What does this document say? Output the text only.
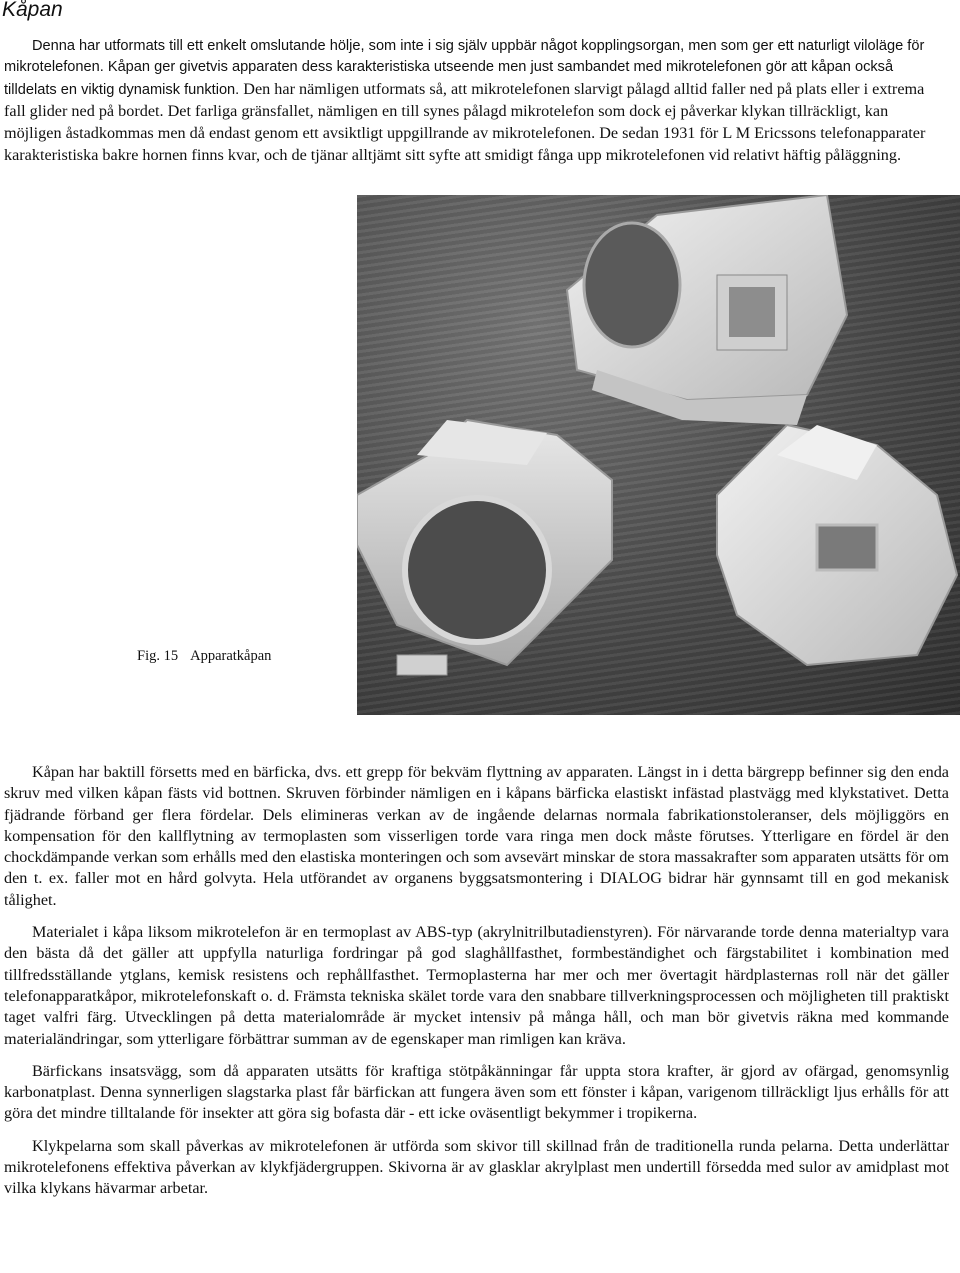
Kåpan

Denna har utformats till ett enkelt omslutande hölje, som inte i sig själv uppbär något kopplingsorgan, men som ger ett naturligt viloläge för mikrotelefonen. Kåpan ger givetvis apparaten dess karakteristiska utseende men just sambandet med mikrotelefonen gör att kåpan också tilldelats en viktig dynamisk funktion. Den har nämligen utformats så, att mikrotelefonen slarvigt pålagd alltid faller ned på plats eller i extrema fall glider ned på bordet. Det farliga gränsfallet, nämligen en till synes pålagd mikrotelefon som dock ej påverkar klykan tillräckligt, kan möjligen åstadkommas men då endast genom ett avsiktligt uppgillrande av mikrotelefonen. De sedan 1931 för L M Ericssons telefonapparater karakteristiska bakre hornen finns kvar, och de tjänar alltjämt sitt syfte att smidigt fånga upp mikrotelefonen vid relativt häftig påläggning.

Fig. 15 Apparatkåpan

Kåpan har baktill försetts med en bärficka, dvs. ett grepp för bekväm flyttning av apparaten. Längst in i detta bärgrepp befinner sig den enda skruv med vilken kåpan fästs vid bottnen. Skruven förbinder nämligen en i kåpans bärficka elastiskt infästad plastvägg med klykstativet. Detta fjädrande förband ger flera fördelar. Dels elimineras verkan av de ingående delarnas normala fabrikationstoleranser, dels möjliggörs en kompensation för den kallflytning av termoplasten som visserligen torde vara ringa men dock måste förutses. Ytterligare en fördel är den chockdämpande verkan som erhålls med den elastiska monteringen och som avsevärt minskar de stora massakrafter som apparaten utsätts för om den t. ex. faller mot en hård golvyta. Hela utförandet av organens byggsatsmontering i DIALOG bidrar här gynnsamt till en god mekanisk tålighet.

Materialet i kåpa liksom mikrotelefon är en termoplast av ABS-typ (akrylnitrilbutadienstyren). För närvarande torde denna materialtyp vara den bästa då det gäller att uppfylla naturliga fordringar på god slaghållfasthet, formbeständighet och färgstabilitet i kombination med tillfredsställande ytglans, kemisk resistens och rephållfasthet. Termoplasterna har mer och mer övertagit härdplasternas roll när det gäller telefonapparatkåpor, mikrotelefonskaft o. d. Främsta tekniska skälet torde vara den snabbare tillverkningsprocessen och möjligheten till praktiskt taget valfri färg. Utvecklingen på detta materialområde är mycket intensiv på många håll, och man bör givetvis räkna med kommande materialändringar, som ytterligare förbättrar summan av de egenskaper man rimligen kan kräva.

Bärfickans insatsvägg, som då apparaten utsätts för kraftiga stötpåkänningar får uppta stora krafter, är gjord av ofärgad, genomsynlig karbonatplast. Denna synnerligen slagstarka plast får bärfickan att fungera även som ett fönster i kåpan, varigenom tillräckligt ljus erhålls för att göra det mindre tilltalande för insekter att göra sig bofasta där - ett icke oväsentligt bekymmer i tropikerna.

Klykpelarna som skall påverkas av mikrotelefonen är utförda som skivor till skillnad från de traditionella runda pelarna. Detta underlättar mikrotelefonens effektiva påverkan av klykfjädergruppen. Skivorna är av glasklar akrylplast men undertill försedda med sulor av amidplast mot vilka klykans hävarmar arbetar.
